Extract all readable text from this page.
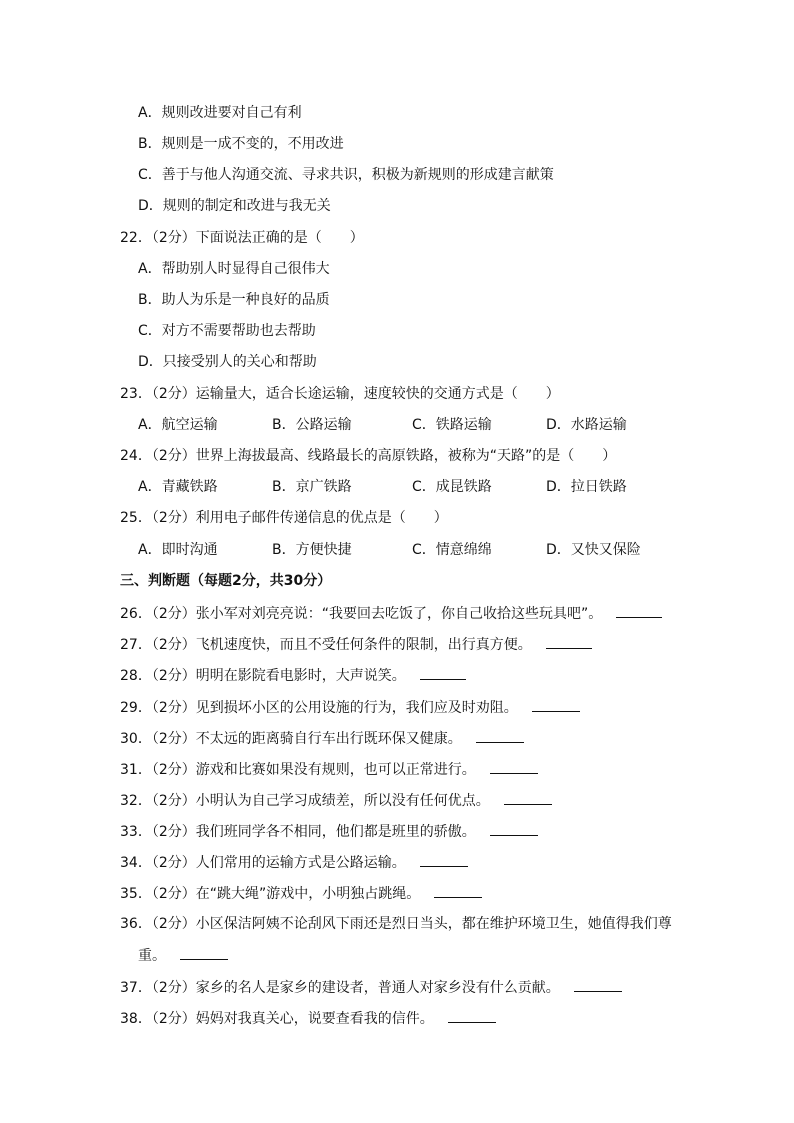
A．规则改进要对自己有利
B．规则是一成不变的，不用改进
C．善于与他人沟通交流、寻求共识，积极为新规则的形成建言献策
D．规则的制定和改进与我无关
22．（2分）下面说法正确的是（　　）
A．帮助别人时显得自己很伟大
B．助人为乐是一种良好的品质
C．对方不需要帮助也去帮助
D．只接受别人的关心和帮助
23．（2分）运输量大，适合长途运输，速度较快的交通方式是（　　）
A．航空运输	B．公路运输	C．铁路运输	D．水路运输
24．（2分）世界上海拔最高、线路最长的高原铁路，被称为“天路”的是（　　）
A．青藏铁路	B．京广铁路	C．成昆铁路	D．拉日铁路
25．（2分）利用电子邮件传递信息的优点是（　　）
A．即时沟通	B．方便快捷	C．情意绵绵	D．又快又保险
三、判断题（每题2分，共30分）
26．（2分）张小军对刘亮亮说：“我要回去吃饭了，你自己收拾这些玩具吧”。
27．（2分）飞机速度快，而且不受任何条件的限制，出行真方便。
28．（2分）明明在影院看电影时，大声说笑。
29．（2分）见到损坏小区的公用设施的行为，我们应及时劝阻。
30．（2分）不太远的距离骑自行车出行既环保又健康。
31．（2分）游戏和比赛如果没有规则，也可以正常进行。
32．（2分）小明认为自己学习成绩差，所以没有任何优点。
33．（2分）我们班同学各不相同，他们都是班里的骄傲。
34．（2分）人们常用的运输方式是公路运输。
35．（2分）在“跳大绳”游戏中，小明独占跳绳。
36．（2分）小区保洁阿姨不论刮风下雨还是烈日当头，都在维护环境卫生，她值得我们尊
重。
37．（2分）家乡的名人是家乡的建设者，普通人对家乡没有什么贡献。
38．（2分）妈妈对我真关心，说要查看我的信件。
